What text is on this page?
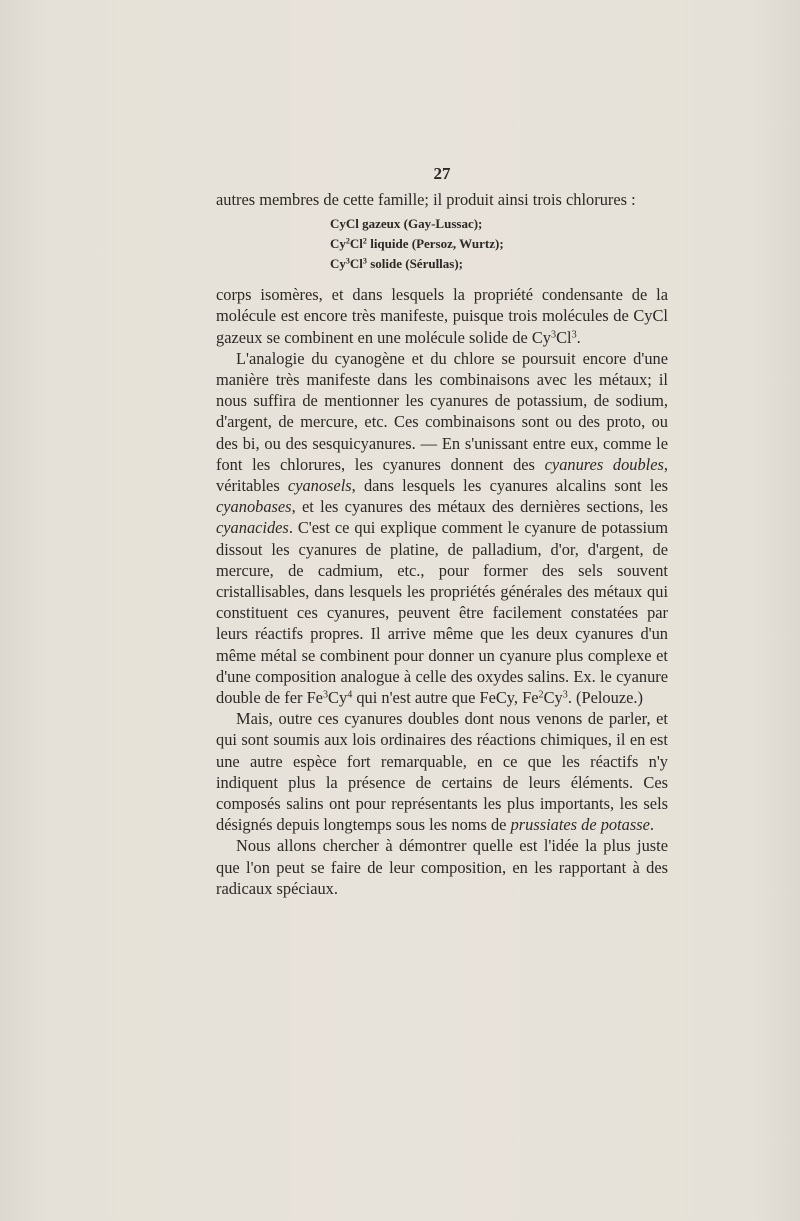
27

autres membres de cette famille; il produit ainsi trois chlorures :

CyCl gazeux (Gay-Lussac);
Cy$^2$Cl$^2$ liquide (Persoz, Wurtz);
Cy$^3$Cl$^3$ solide (Sérullas);

corps isomères, et dans lesquels la propriété condensante de la molécule est encore très manifeste, puisque trois molécules de CyCl gazeux se combinent en une molécule solide de Cy$^3$Cl$^3$.

L'analogie du cyanogène et du chlore se poursuit encore d'une manière très manifeste dans les combinaisons avec les métaux; il nous suffira de mentionner les cyanures de potassium, de sodium, d'argent, de mercure, etc. Ces combinaisons sont ou des proto, ou des bi, ou des sesquicyanures. — En s'unissant entre eux, comme le font les chlorures, les cyanures donnent des cyanures doubles, véritables cyanosels, dans lesquels les cyanures alcalins sont les cyanobases, et les cyanures des métaux des dernières sections, les cyanacides. C'est ce qui explique comment le cyanure de potassium dissout les cyanures de platine, de palladium, d'or, d'argent, de mercure, de cadmium, etc., pour former des sels souvent cristallisables, dans lesquels les propriétés générales des métaux qui constituent ces cyanures, peuvent être facilement constatées par leurs réactifs propres. Il arrive même que les deux cyanures d'un même métal se combinent pour donner un cyanure plus complexe et d'une composition analogue à celle des oxydes salins. Ex. le cyanure double de fer Fe$^3$Cy$^4$ qui n'est autre que FeCy, Fe$^2$Cy$^3$. (Pelouze.)

Mais, outre ces cyanures doubles dont nous venons de parler, et qui sont soumis aux lois ordinaires des réactions chimiques, il en est une autre espèce fort remarquable, en ce que les réactifs n'y indiquent plus la présence de certains de leurs éléments. Ces composés salins ont pour représentants les plus importants, les sels désignés depuis longtemps sous les noms de prussiates de potasse.

Nous allons chercher à démontrer quelle est l'idée la plus juste que l'on peut se faire de leur composition, en les rapportant à des radicaux spéciaux.
